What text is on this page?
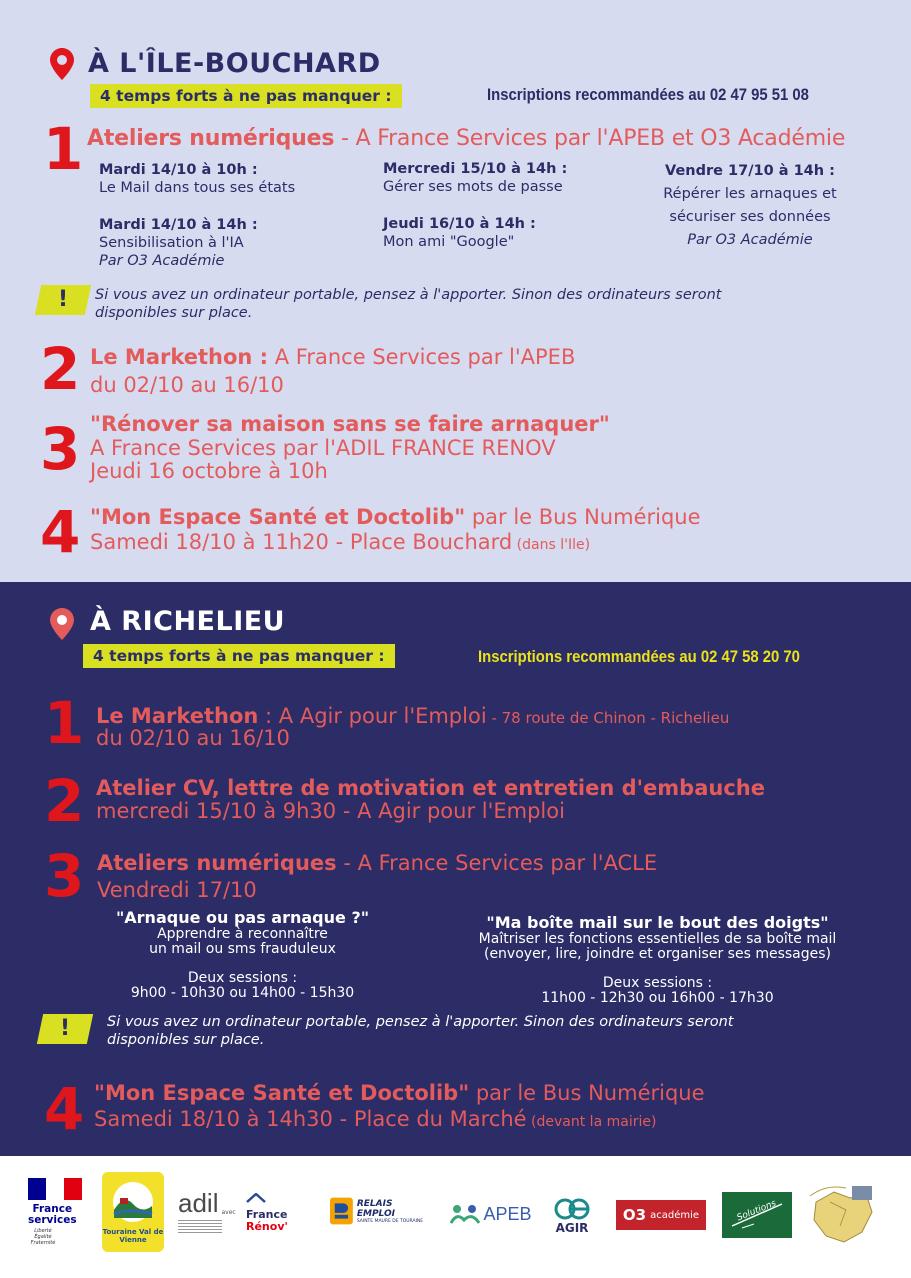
À L'ÎLE-BOUCHARD
4 temps forts à ne pas manquer :	Inscriptions recommandées au 02 47 95 51 08
1 Ateliers numériques - A France Services par l'APEB et O3 Académie
Mardi 14/10 à 10h :
Le Mail dans tous ses états
Mardi 14/10 à 14h :
Sensibilisation à l'IA
Par O3 Académie
Mercredi 15/10 à 14h :
Gérer ses mots de passe
Jeudi 16/10 à 14h :
Mon ami "Google"
Vendre 17/10 à 14h :
Répérer les arnaques et
sécuriser ses données
Par O3 Académie
!	Si vous avez un ordinateur portable, pensez à l'apporter. Sinon des ordinateurs seront
disponibles sur place.
2 Le Markethon : A France Services par l'APEB
du 02/10 au 16/10
3 "Rénover sa maison sans se faire arnaquer"
A France Services par l'ADIL FRANCE RENOV
Jeudi 16 octobre à 10h
4 "Mon Espace Santé et Doctolib" par le Bus Numérique
Samedi 18/10 à 11h20 - Place Bouchard (dans l'Ile)
À RICHELIEU
4 temps forts à ne pas manquer :	Inscriptions recommandées au 02 47 58 20 70
1 Le Markethon : A Agir pour l'Emploi - 78 route de Chinon - Richelieu
du 02/10 au 16/10
2 Atelier CV, lettre de motivation et entretien d'embauche
mercredi 15/10 à 9h30 - A Agir pour l'Emploi
3 Ateliers numériques - A France Services par l'ACLE
Vendredi 17/10
"Arnaque ou pas arnaque ?"
Apprendre à reconnaître
un mail ou sms frauduleux
Deux sessions :
9h00 - 10h30 ou 14h00 - 15h30
"Ma boîte mail sur le bout des doigts"
Maîtriser les fonctions essentielles de sa boîte mail
(envoyer, lire, joindre et organiser ses messages)
Deux sessions :
11h00 - 12h30 ou 16h00 - 17h30
!	Si vous avez un ordinateur portable, pensez à l'apporter. Sinon des ordinateurs seront
disponibles sur place.
4 "Mon Espace Santé et Doctolib" par le Bus Numérique
Samedi 18/10 à 14h30 - Place du Marché (devant la mairie)
France
services
Liberté Égalité Fraternité
Touraine Val de Vienne
adil avec France
Rénov'
RELAIS EMPLOI
SAINTE MAURE DE TOURAINE	APEB
AGIR
O3 académie	Solutions
